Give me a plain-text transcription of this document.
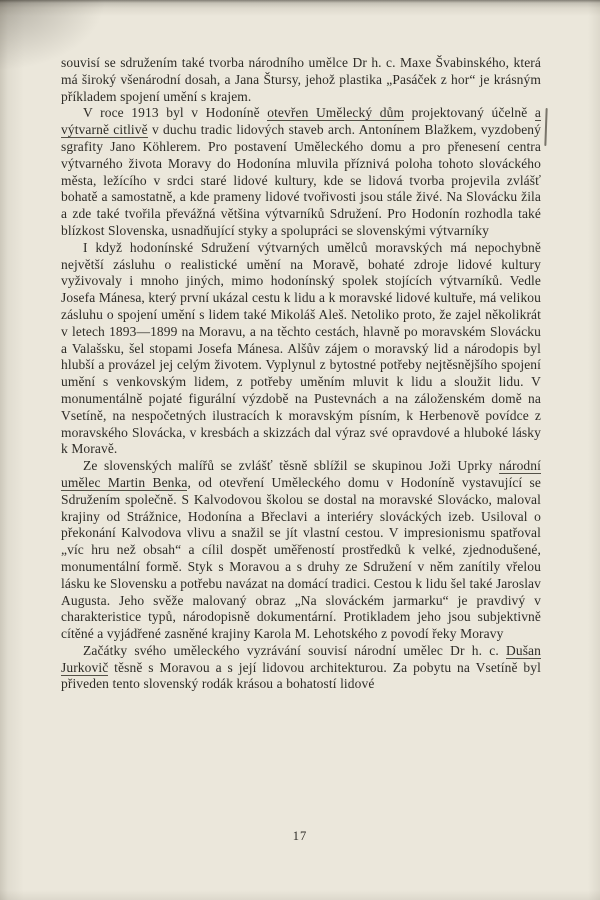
souvisí se sdružením také tvorba národního umělce Dr h. c. Maxe Švabinského, která má široký všenárodní dosah, a Jana Štursy, jehož plastika „Pasáček z hor“ je krásným příkladem spojení umění s krajem.

V roce 1913 byl v Hodoníně otevřen Umělecký dům projektovaný účelně a výtvarně citlivě v duchu tradic lidových staveb arch. Antonínem Blažkem, vyzdobený sgrafity Jano Köhlerem. Pro postavení Uměleckého domu a pro přenesení centra výtvarného života Moravy do Hodonína mluvila příznivá poloha tohoto slováckého města, ležícího v srdci staré lidové kultury, kde se lidová tvorba projevila zvlášť bohatě a samostatně, a kde prameny lidové tvořivosti jsou stále živé. Na Slovácku žila a zde také tvořila převážná většina výtvarníků Sdružení. Pro Hodonín rozhodla také blízkost Slovenska, usnadňující styky a spolupráci se slovenskými výtvarníky

I když hodonínské Sdružení výtvarných umělců moravských má nepochybně největší zásluhu o realistické umění na Moravě, bohaté zdroje lidové kultury vyživovaly i mnoho jiných, mimo hodonínský spolek stojících výtvarníků. Vedle Josefa Mánesa, který první ukázal cestu k lidu a k moravské lidové kultuře, má velikou zásluhu o spojení umění s lidem také Mikoláš Aleš. Netoliko proto, že zajel několikrát v letech 1893—1899 na Moravu, a na těchto cestách, hlavně po moravském Slovácku a Valašsku, šel stopami Josefa Mánesa. Alšův zájem o moravský lid a národopis byl hlubší a provázel jej celým životem. Vyplynul z bytostné potřeby nejtěsnějšího spojení umění s venkovským lidem, z potřeby uměním mluvit k lidu a sloužit lidu. V monumentálně pojaté figurální výzdobě na Pustevnách a na záloženském domě na Vsetíně, na nespočetných ilustracích k moravským písním, k Herbenově povídce z moravského Slovácka, v kresbách a skizzách dal výraz své opravdové a hluboké lásky k Moravě.

Ze slovenských malířů se zvlášť těsně sblížil se skupinou Joži Uprky národní umělec Martin Benka, od otevření Uměleckého domu v Hodoníně vystavující se Sdružením společně. S Kalvodovou školou se dostal na moravské Slovácko, maloval krajiny od Strážnice, Hodonína a Břeclavi a interiéry slováckých izeb. Usiloval o překonání Kalvodova vlivu a snažil se jít vlastní cestou. V impresionismu spatřoval „víc hru než obsah“ a cílil dospět uměřeností prostředků k velké, zjednodušené, monumentální formě. Styk s Moravou a s druhy ze Sdružení v něm zanítily vřelou lásku ke Slovensku a potřebu navázat na domácí tradici. Cestou k lidu šel také Jaroslav Augusta. Jeho svěže malovaný obraz „Na slováckém jarmarku“ je pravdivý v charakteristice typů, národopisně dokumentární. Protikladem jeho jsou subjektivně cítěné a vyjádřené zasněné krajiny Karola M. Lehotského z povodí řeky Moravy

Začátky svého uměleckého vyzrávání souvisí národní umělec Dr h. c. Dušan Jurkovič těsně s Moravou a s její lidovou architekturou. Za pobytu na Vsetíně byl přiveden tento slovenský rodák krásou a bohatostí lidové

17
